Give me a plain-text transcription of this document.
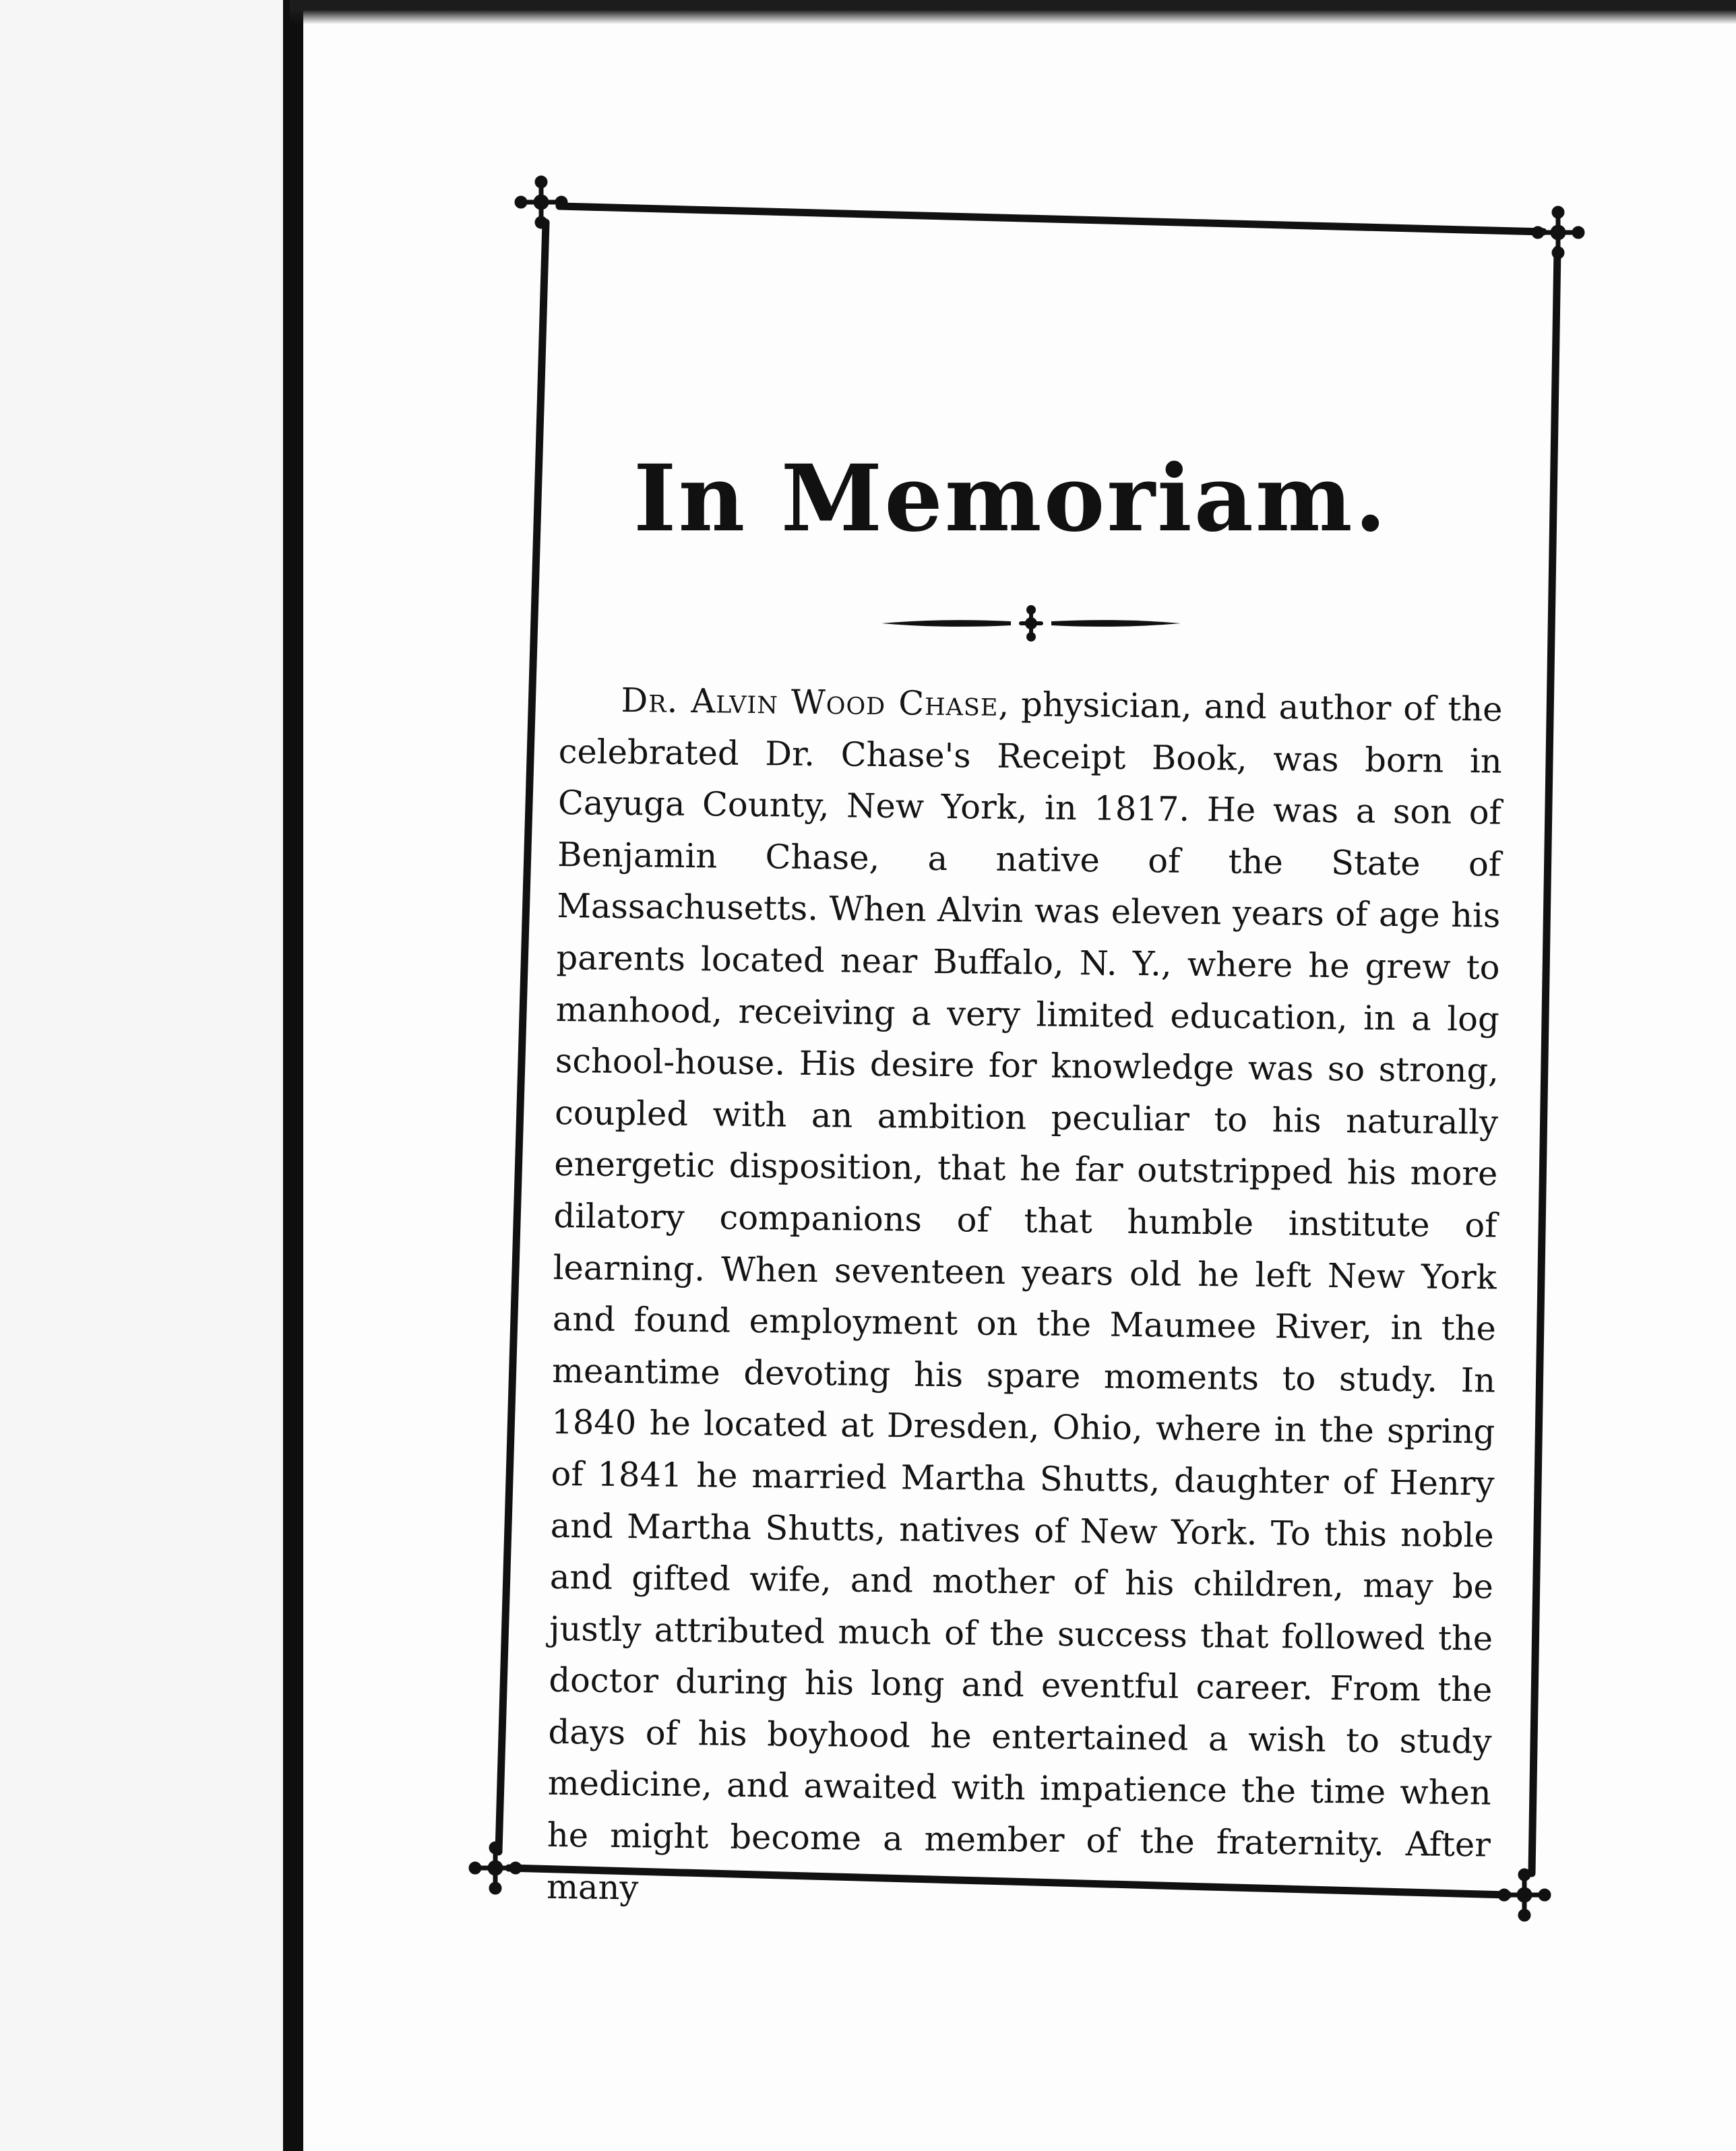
In Memoriam.

Dr. Alvin Wood Chase, physician, and author of the celebrated Dr. Chase's Receipt Book, was born in Cayuga County, New York, in 1817. He was a son of Benjamin Chase, a native of the State of Massachusetts. When Alvin was eleven years of age his parents located near Buffalo, N. Y., where he grew to manhood, receiving a very limited education, in a log school-house. His desire for knowledge was so strong, coupled with an ambition peculiar to his naturally energetic disposition, that he far outstripped his more dilatory companions of that humble institute of learning. When seventeen years old he left New York and found employment on the Maumee River, in the meantime devoting his spare moments to study. In 1840 he located at Dresden, Ohio, where in the spring of 1841 he married Martha Shutts, daughter of Henry and Martha Shutts, natives of New York. To this noble and gifted wife, and mother of his children, may be justly attributed much of the success that followed the doctor during his long and eventful career. From the days of his boyhood he entertained a wish to study medicine, and awaited with impatience the time when he might become a member of the fraternity. After many
